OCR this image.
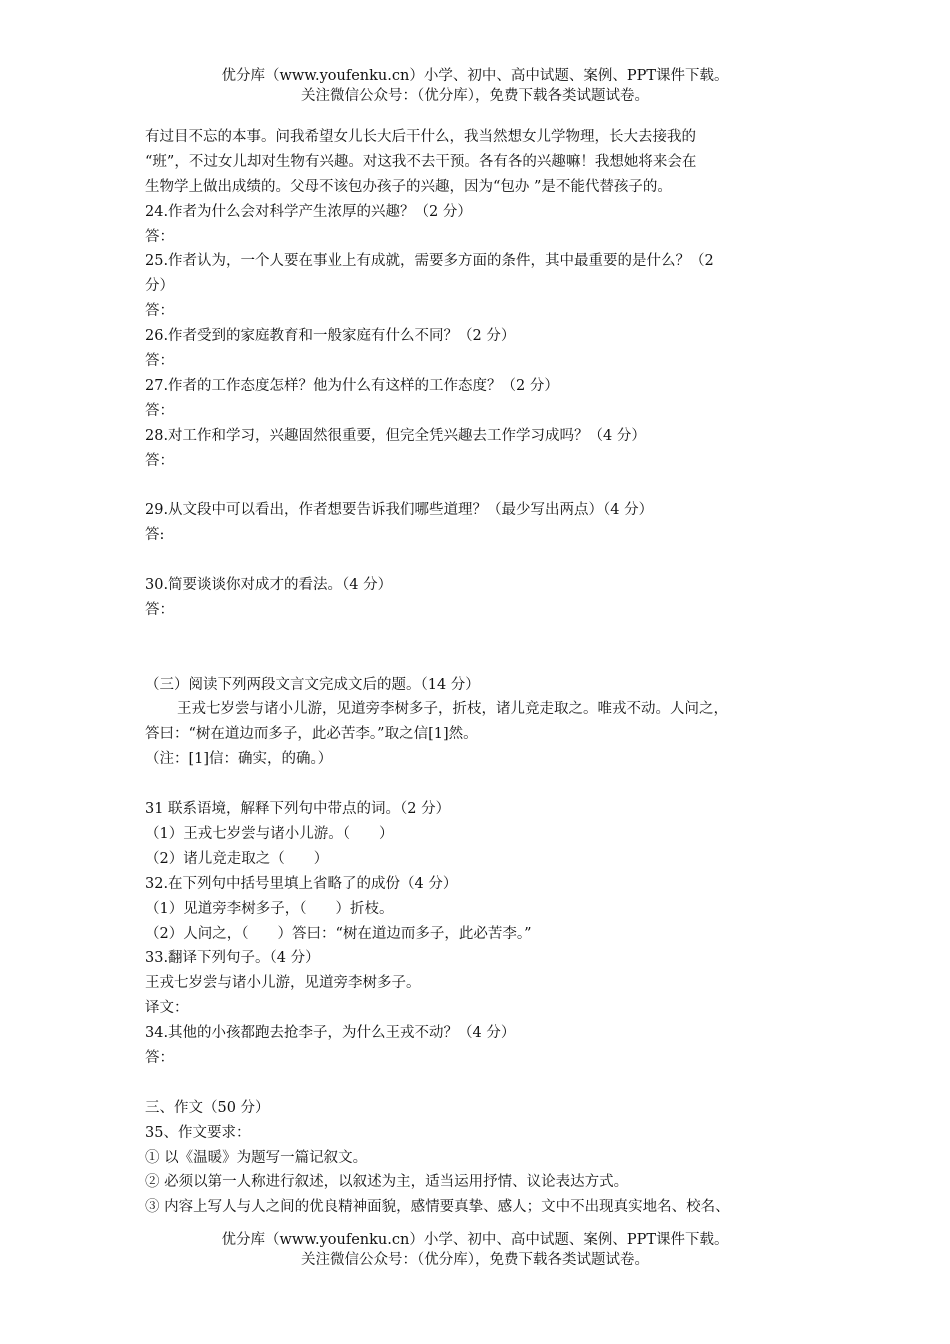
优分库（www.youfenku.cn）小学、初中、高中试题、案例、PPT课件下载。
关注微信公众号：（优分库），免费下载各类试题试卷。
有过目不忘的本事。问我希望女儿长大后干什么，我当然想女儿学物理，长大去接我的
“班”，不过女儿却对生物有兴趣。对这我不去干预。各有各的兴趣嘛！我想她将来会在
生物学上做出成绩的。父母不该包办孩子的兴趣，因为“包办 ”是不能代替孩子的。
24.作者为什么会对科学产生浓厚的兴趣？（2 分）
答：
25.作者认为，一个人要在事业上有成就，需要多方面的条件，其中最重要的是什么？（2
分）
答：
26.作者受到的家庭教育和一般家庭有什么不同？（2 分）
答：
27.作者的工作态度怎样？他为什么有这样的工作态度？（2 分）
答：
28.对工作和学习，兴趣固然很重要，但完全凭兴趣去工作学习成吗？（4 分）
答：
29.从文段中可以看出，作者想要告诉我们哪些道理？（最少写出两点）（4 分）
答:
30.简要谈谈你对成才的看法。（4 分）
答：
（三）阅读下列两段文言文完成文后的题。（14 分）
王戎七岁尝与诸小儿游，见道旁李树多子，折枝，诸儿竞走取之。唯戎不动。人问之，
答曰：“树在道边而多子，此必苦李。”取之信[1]然。
（注：[1]信：确实，的确。）
31 联系语境，解释下列句中带点的词。（2 分）
（1）王戎七岁尝与诸小儿游。（　　）
（2）诸儿竞走取之（　　）
32.在下列句中括号里填上省略了的成份（4 分）
（1）见道旁李树多子，（　　）折枝。
（2）人问之，（　　）答曰：“树在道边而多子，此必苦李。”
33.翻译下列句子。（4 分）
王戎七岁尝与诸小儿游，见道旁李树多子。
译文：
34.其他的小孩都跑去抢李子，为什么王戎不动？（4 分）
答：
三、作文（50 分）
35、作文要求：
① 以《温暖》为题写一篇记叙文。
② 必须以第一人称进行叙述，以叙述为主，适当运用抒情、议论表达方式。
③ 内容上写人与人之间的优良精神面貌，感情要真挚、感人；文中不出现真实地名、校名、
优分库（www.youfenku.cn）小学、初中、高中试题、案例、PPT课件下载。
关注微信公众号：（优分库），免费下载各类试题试卷。
